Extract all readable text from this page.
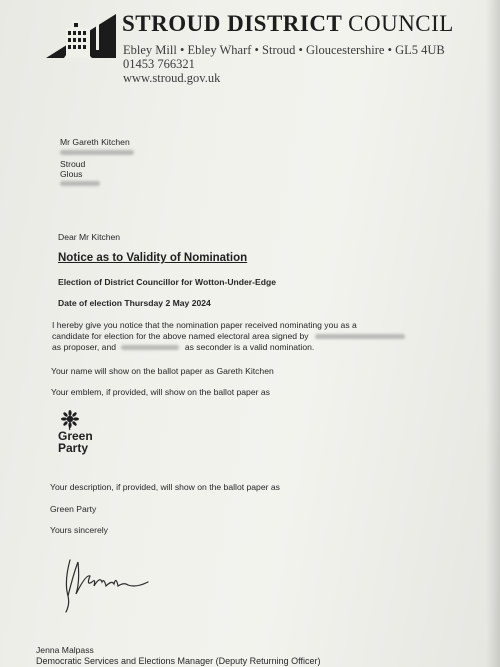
STROUD DISTRICT COUNCIL
Ebley Mill • Ebley Wharf • Stroud • Gloucestershire • GL5 4UB
01453 766321
www.stroud.gov.uk
Mr Gareth Kitchen
Stroud
Glous
Dear Mr Kitchen
Notice as to Validity of Nomination
Election of District Councillor for Wotton-Under-Edge
Date of election Thursday 2 May 2024
I hereby give you notice that the nomination paper received nominating you as a
candidate for election for the above named electoral area signed by
as proposer, and	as seconder is a valid nomination.
Your name will show on the ballot paper as Gareth Kitchen
Your emblem, if provided, will show on the ballot paper as
Green
Party
Your description, if provided, will show on the ballot paper as
Green Party
Yours sincerely
Jenna Malpass
Democratic Services and Elections Manager (Deputy Returning Officer)
